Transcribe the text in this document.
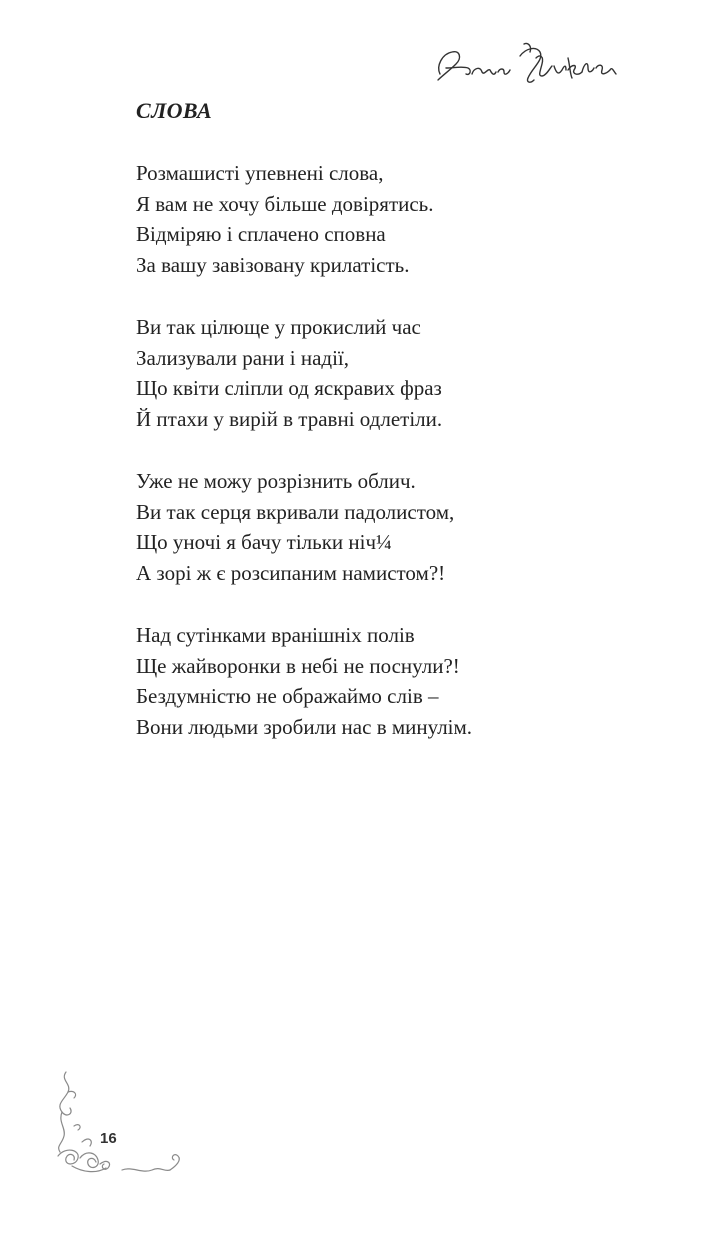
СЛОВА
Розмашисті упевнені слова,
Я вам не хочу більше довірятись.
Відміряю і сплачено сповна
За вашу завізовану крилатість.
Ви так цілюще у прокислий час
Зализували рани і надії,
Що квіти сліпли од яскравих фраз
Й птахи у вирій в травні одлетіли.
Уже не можу розрізнить облич.
Ви так серця вкривали падолистом,
Що уночі я бачу тільки ніч¼
А зорі ж є розсипаним намистом?!
Над сутінками вранішніх полів
Ще жайворонки в небі не поснули?!
Бездумністю не ображаймо слів –
Вони людьми зробили нас в минулім.
16
